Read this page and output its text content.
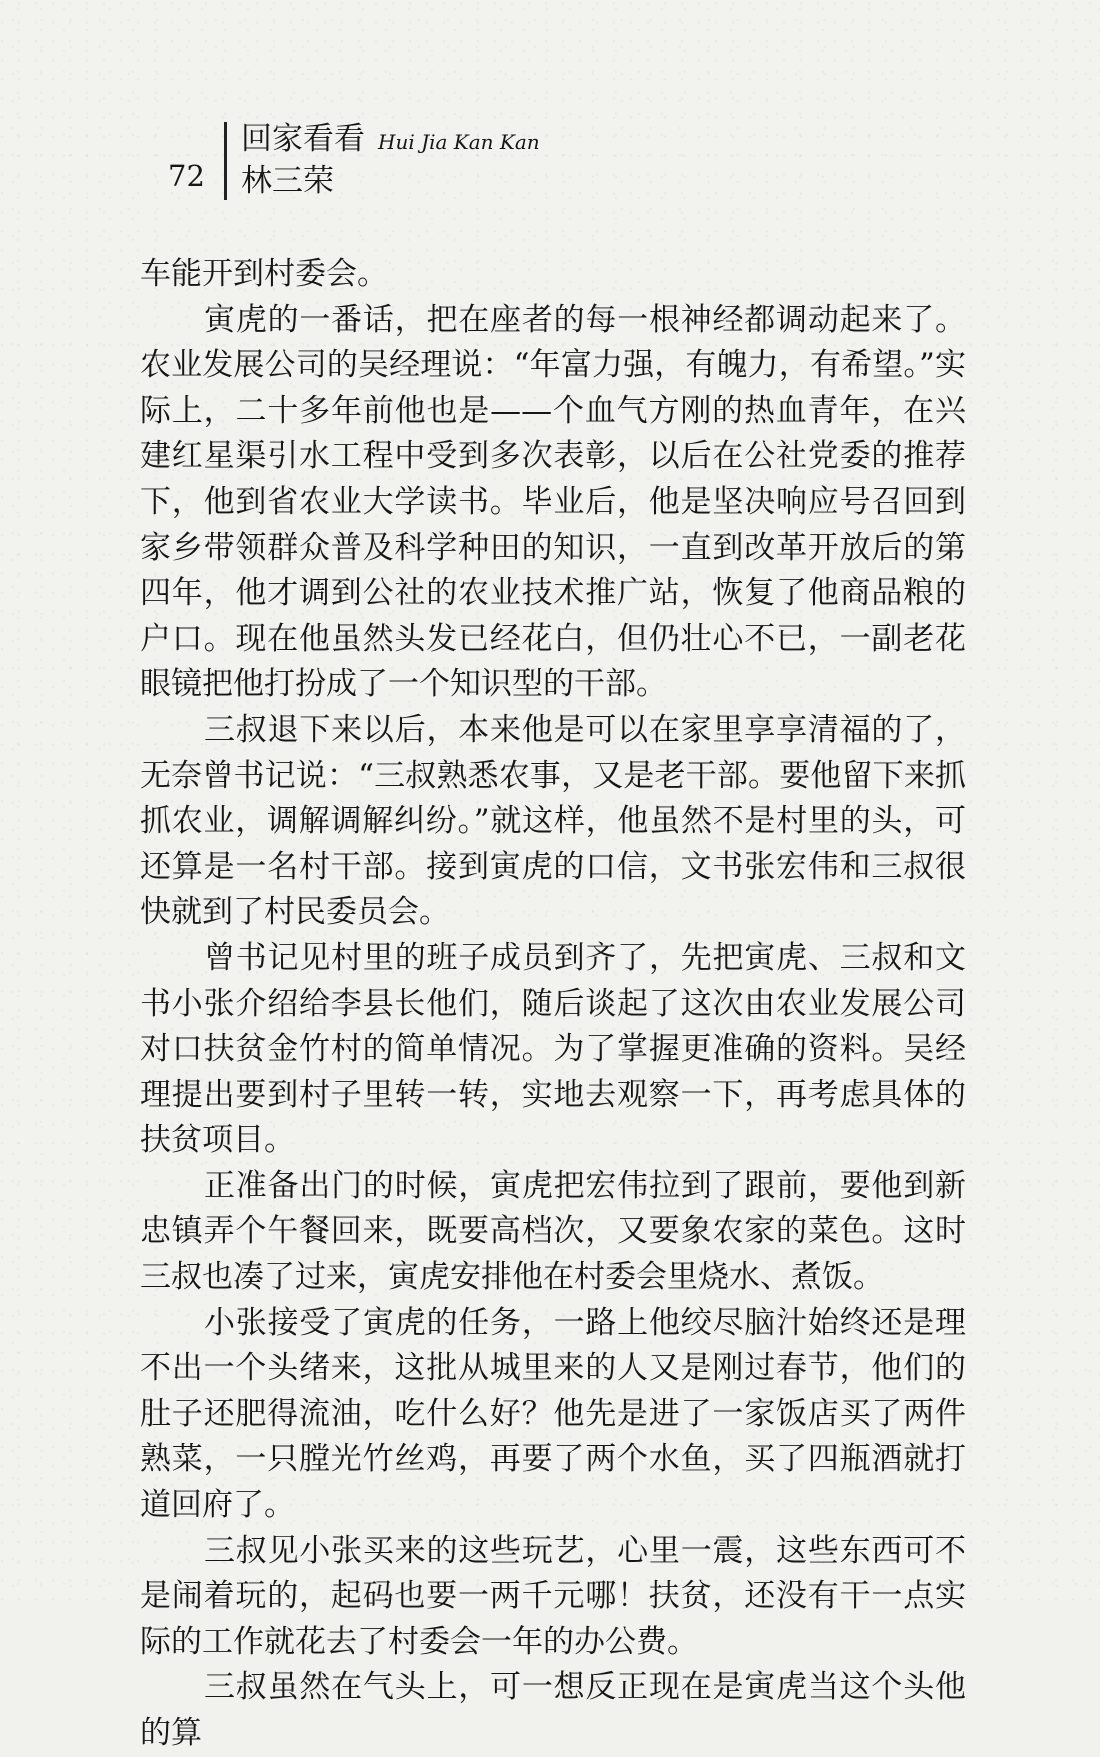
72
回家看看 Hui Jia Kan Kan
林三荣

车能开到村委会。

寅虎的一番话，把在座者的每一根神经都调动起来了。农业发展公司的吴经理说：“年富力强，有魄力，有希望。”实际上，二十多年前他也是——个血气方刚的热血青年，在兴建红星渠引水工程中受到多次表彰，以后在公社党委的推荐下，他到省农业大学读书。毕业后，他是坚决响应号召回到家乡带领群众普及科学种田的知识，一直到改革开放后的第四年，他才调到公社的农业技术推广站，恢复了他商品粮的户口。现在他虽然头发已经花白，但仍壮心不已，一副老花眼镜把他打扮成了一个知识型的干部。

三叔退下来以后，本来他是可以在家里享享清福的了，无奈曾书记说：“三叔熟悉农事，又是老干部。要他留下来抓抓农业，调解调解纠纷。”就这样，他虽然不是村里的头，可还算是一名村干部。接到寅虎的口信，文书张宏伟和三叔很快就到了村民委员会。

曾书记见村里的班子成员到齐了，先把寅虎、三叔和文书小张介绍给李县长他们，随后谈起了这次由农业发展公司对口扶贫金竹村的简单情况。为了掌握更准确的资料。吴经理提出要到村子里转一转，实地去观察一下，再考虑具体的扶贫项目。

正准备出门的时候，寅虎把宏伟拉到了跟前，要他到新忠镇弄个午餐回来，既要高档次，又要象农家的菜色。这时三叔也凑了过来，寅虎安排他在村委会里烧水、煮饭。

小张接受了寅虎的任务，一路上他绞尽脑汁始终还是理不出一个头绪来，这批从城里来的人又是刚过春节，他们的肚子还肥得流油，吃什么好？他先是进了一家饭店买了两件熟菜，一只膛光竹丝鸡，再要了两个水鱼，买了四瓶酒就打道回府了。

三叔见小张买来的这些玩艺，心里一震，这些东西可不是闹着玩的，起码也要一两千元哪！扶贫，还没有干一点实际的工作就花去了村委会一年的办公费。

三叔虽然在气头上，可一想反正现在是寅虎当这个头他的算
